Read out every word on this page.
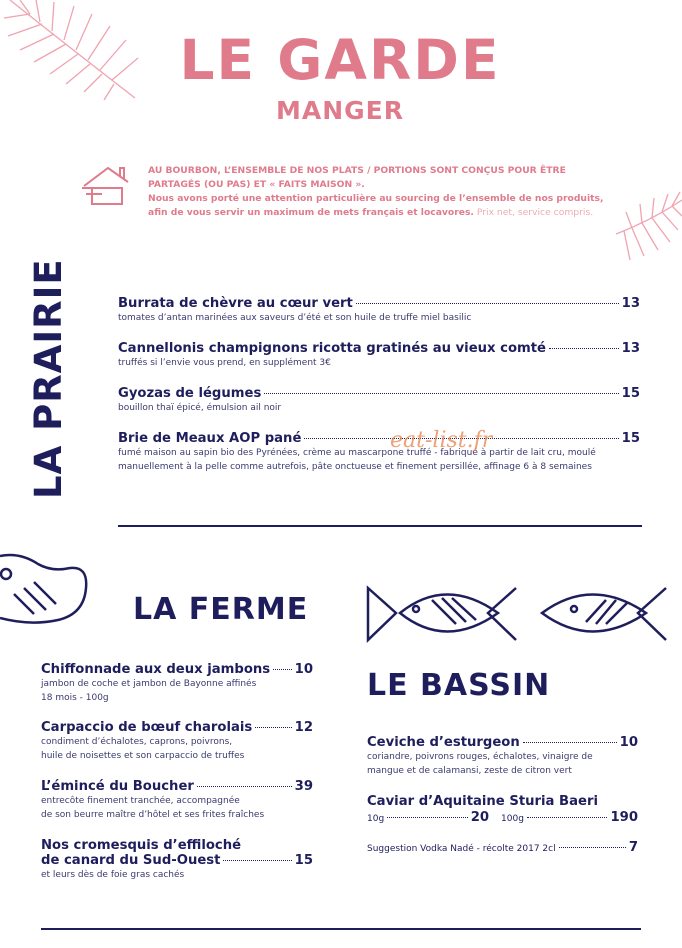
LE GARDE
MANGER
AU BOURBON, L’ENSEMBLE DE NOS PLATS / PORTIONS SONT CONÇUS POUR ÊTRE
PARTAGÉS (OU PAS) ET « FAITS MAISON ».
Nous avons porté une attention particulière au sourcing de l’ensemble de nos produits,
afin de vous servir un maximum de mets français et locavores. Prix net, service compris.
LA PRAIRIE	Burrata de chèvre au cœur vert	13
tomates d’antan marinées aux saveurs d’été et son huile de truffe miel basilic
Cannellonis champignons ricotta gratinés au vieux comté	13
truffés si l’envie vous prend, en supplément 3€
Gyozas de légumes	15
bouillon thaï épicé, émulsion ail noir
Brie de Meaux AOP pané	15
fumé maison au sapin bio des Pyrénées, crème au mascarpone truffé - fabriqué à partir de lait cru, moulé
manuellement à la pelle comme autrefois, pâte onctueuse et finement persillée, affinage 6 à 8 semaines
eat-list.fr
LA FERME
LE BASSIN
Chiffonnade aux deux jambons 10
jambon de coche et jambon de Bayonne affinés
18 mois - 100g
Carpaccio de bœuf charolais	12
condiment d’échalotes, caprons, poivrons,
huile de noisettes et son carpaccio de truffes
L’émincé du Boucher	39
entrecôte finement tranchée, accompagnée
de son beurre maître d’hôtel et ses frites fraîches
Nos cromesquis d’effiloché
de canard du Sud-Ouest	15
et leurs dès de foie gras cachés
Ceviche d’esturgeon	10
coriandre, poivrons rouges, échalotes, vinaigre de
mangue et de calamansi, zeste de citron vert
Caviar d’Aquitaine Sturia Baeri
10g	20 100g	190
Suggestion Vodka Nadé - récolte 2017 2cl	7
